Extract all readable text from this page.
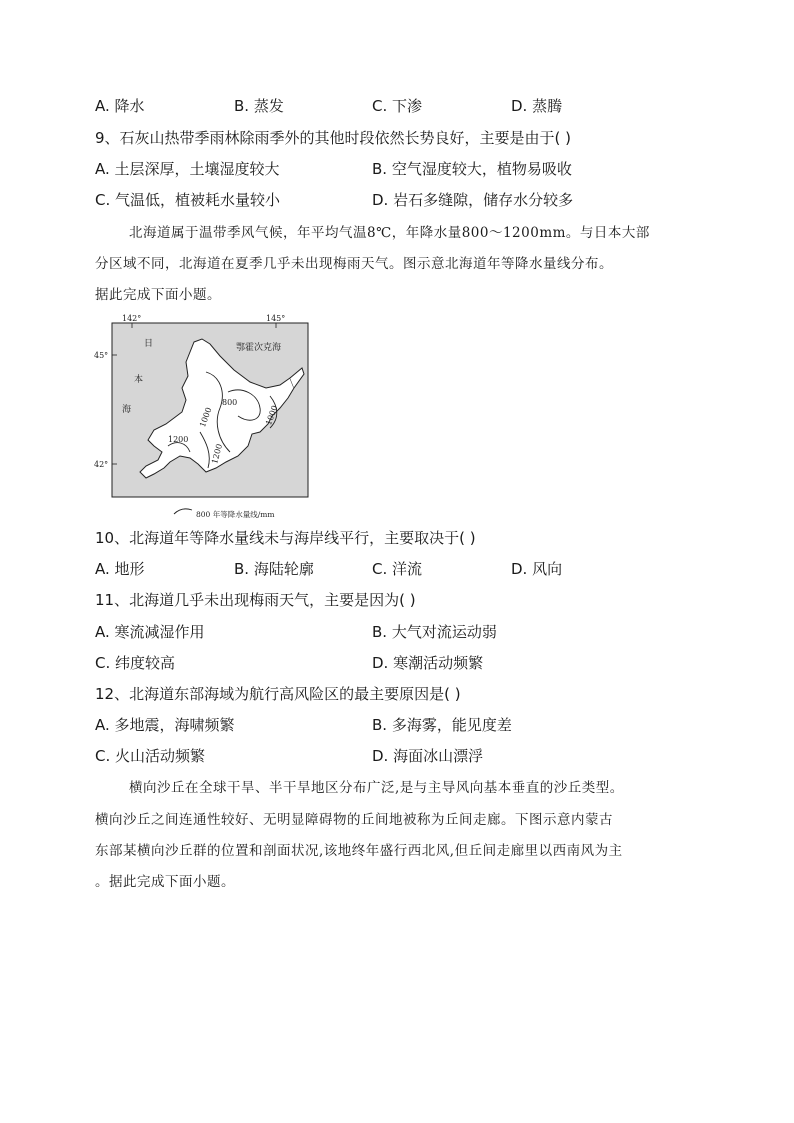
A. 降水	B. 蒸发	C. 下渗	D. 蒸腾
9、石灰山热带季雨林除雨季外的其他时段依然长势良好，主要是由于( )
A. 土层深厚，土壤湿度较大	B. 空气湿度较大，植物易吸收
C. 气温低，植被耗水量较小	D. 岩石多缝隙，储存水分较多
北海道属于温带季风气候，年平均气温8℃，年降水量800～1200mm。与日本大部
分区域不同，北海道在夏季几乎未出现梅雨天气。图示意北海道年等降水量线分布。
据此完成下面小题。
142°	145°
45°
42°
日
本
海
鄂霍次克海
800
1000	1000
1200
1200
800 年等降水量线/mm
10、北海道年等降水量线未与海岸线平行，主要取决于( )
A. 地形	B. 海陆轮廓	C. 洋流	D. 风向
11、北海道几乎未出现梅雨天气，主要是因为( )
A. 寒流减湿作用	B. 大气对流运动弱
C. 纬度较高	D. 寒潮活动频繁
12、北海道东部海域为航行高风险区的最主要原因是( )
A. 多地震，海啸频繁	B. 多海雾，能见度差
C. 火山活动频繁	D. 海面冰山漂浮
横向沙丘在全球干旱、半干旱地区分布广泛,是与主导风向基本垂直的沙丘类型。
横向沙丘之间连通性较好、无明显障碍物的丘间地被称为丘间走廊。下图示意内蒙古
东部某横向沙丘群的位置和剖面状况,该地终年盛行西北风,但丘间走廊里以西南风为主
。据此完成下面小题。
